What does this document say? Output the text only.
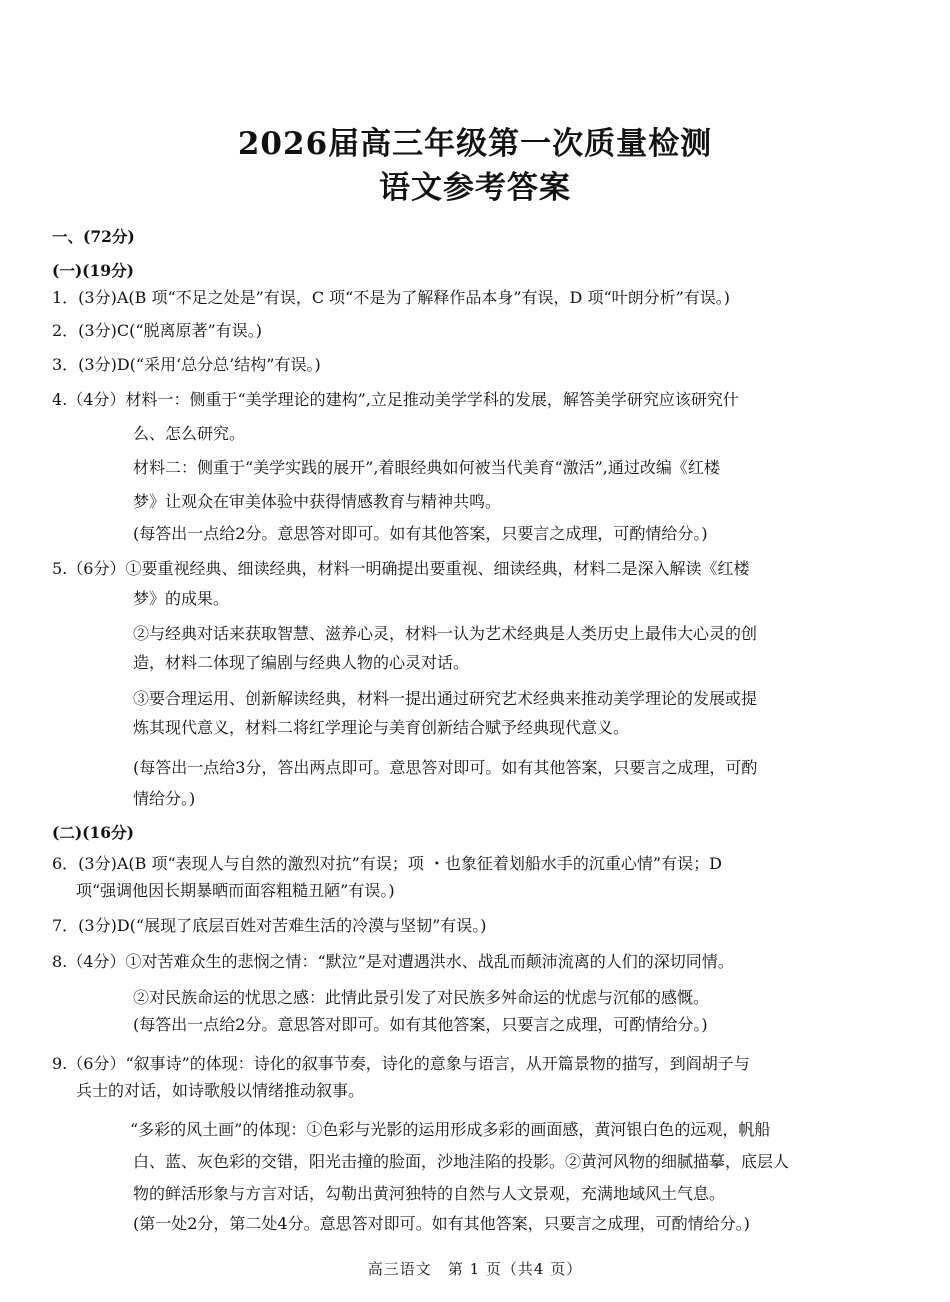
2026届高三年级第一次质量检测
语文参考答案
一、(72分)
(一)(19分)
1．(3分)A(B 项“不足之处是”有误，C 项“不是为了解释作品本身”有误，D 项“叶朗分析”有误。)
2．(3分)C(“脱离原著”有误。)
3．(3分)D(“采用‘总分总’结构”有误。)
4.（4分）材料一：侧重于“美学理论的建构”,立足推动美学学科的发展，解答美学研究应该研究什
么、怎么研究。
材料二：侧重于“美学实践的展开”,着眼经典如何被当代美育“激活”,通过改编《红楼
梦》让观众在审美体验中获得情感教育与精神共鸣。
(每答出一点给2分。意思答对即可。如有其他答案，只要言之成理，可酌情给分。)
5.（6分）①要重视经典、细读经典，材料一明确提出要重视、细读经典，材料二是深入解读《红楼
梦》的成果。
②与经典对话来获取智慧、滋养心灵，材料一认为艺术经典是人类历史上最伟大心灵的创
造，材料二体现了编剧与经典人物的心灵对话。
③要合理运用、创新解读经典，材料一提出通过研究艺术经典来推动美学理论的发展或提
炼其现代意义，材料二将红学理论与美育创新结合赋予经典现代意义。
(每答出一点给3分，答出两点即可。意思答对即可。如有其他答案，只要言之成理，可酌
情给分。)
(二)(16分)
6．(3分)A(B 项“表现人与自然的激烈对抗”有误；项 ・也象征着划船水手的沉重心情”有误；D
项“强调他因长期暴晒而面容粗糙丑陋”有误。)
7．(3分)D(“展现了底层百姓对苦难生活的冷漠与坚韧”有误。)
8.（4分）①对苦难众生的悲悯之情：“默泣”是对遭遇洪水、战乱而颠沛流离的人们的深切同情。
②对民族命运的忧思之感：此情此景引发了对民族多舛命运的忧虑与沉郁的感慨。
(每答出一点给2分。意思答对即可。如有其他答案，只要言之成理，可酌情给分。)
9.（6分）“叙事诗”的体现：诗化的叙事节奏，诗化的意象与语言，从开篇景物的描写，到阎胡子与
兵士的对话，如诗歌般以情绪推动叙事。
“多彩的风土画”的体现：①色彩与光影的运用形成多彩的画面感，黄河银白色的远观，帆船
白、蓝、灰色彩的交错，阳光击撞的脸面，沙地洼陷的投影。②黄河风物的细腻描摹，底层人
物的鲜活形象与方言对话，勾勒出黄河独特的自然与人文景观，充满地域风土气息。
(第一处2分，第二处4分。意思答对即可。如有其他答案，只要言之成理，可酌情给分。)
高三语文　第 1 页（共4 页）
